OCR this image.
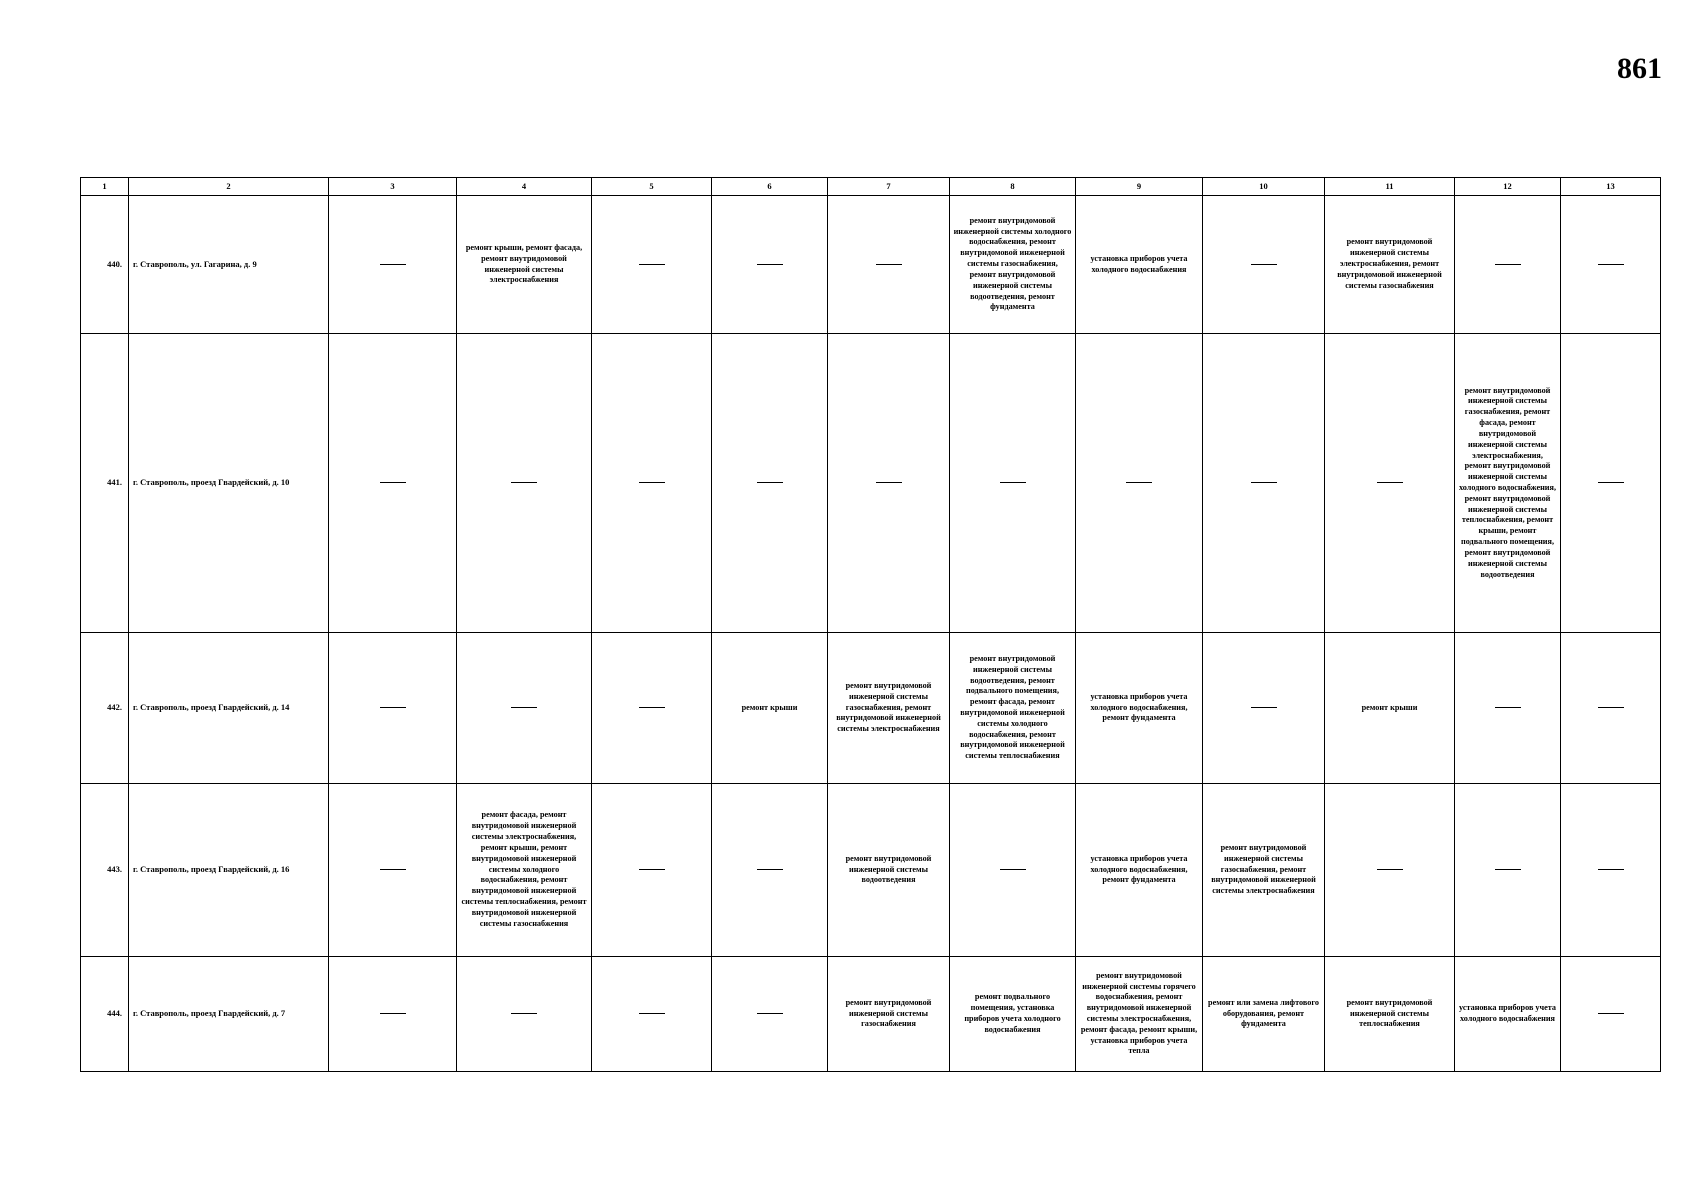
861
1	2	3	4	5	6	7	8	9	10	11	12	13
440.	г. Ставрополь, ул. Гагарина, д. 9		ремонт крыши, ремонт фасада, ремонт внутридомовой инженерной системы электроснабжения				ремонт внутридомовой инженерной системы холодного водоснабжения, ремонт внутридомовой инженерной системы газоснабжения, ремонт внутридомовой инженерной системы водоотведения, ремонт фундамента	установка приборов учета холодного водоснабжения		ремонт внутридомовой инженерной системы электроснабжения, ремонт внутридомовой инженерной системы газоснабжения		
441.	г. Ставрополь, проезд Гвардейский, д. 10										ремонт внутридомовой инженерной системы газоснабжения, ремонт фасада, ремонт внутридомовой инженерной системы электроснабжения, ремонт внутридомовой инженерной системы холодного водоснабжения, ремонт внутридомовой инженерной системы теплоснабжения, ремонт крыши, ремонт подвального помещения, ремонт внутридомовой инженерной системы водоотведения	
442.	г. Ставрополь, проезд Гвардейский, д. 14				ремонт крыши	ремонт внутридомовой инженерной системы газоснабжения, ремонт внутридомовой инженерной системы электроснабжения	ремонт внутридомовой инженерной системы водоотведения, ремонт подвального помещения, ремонт фасада, ремонт внутридомовой инженерной системы холодного водоснабжения, ремонт внутридомовой инженерной системы теплоснабжения	установка приборов учета холодного водоснабжения, ремонт фундамента		ремонт крыши		
443.	г. Ставрополь, проезд Гвардейский, д. 16		ремонт фасада, ремонт внутридомовой инженерной системы электроснабжения, ремонт крыши, ремонт внутридомовой инженерной системы холодного водоснабжения, ремонт внутридомовой инженерной системы теплоснабжения, ремонт внутридомовой инженерной системы газоснабжения			ремонт внутридомовой инженерной системы водоотведения		установка приборов учета холодного водоснабжения, ремонт фундамента	ремонт внутридомовой инженерной системы газоснабжения, ремонт внутридомовой инженерной системы электроснабжения			
444.	г. Ставрополь, проезд Гвардейский, д. 7					ремонт внутридомовой инженерной системы газоснабжения	ремонт подвального помещения, установка приборов учета холодного водоснабжения	ремонт внутридомовой инженерной системы горячего водоснабжения, ремонт внутридомовой инженерной системы электроснабжения, ремонт фасада, ремонт крыши, установка приборов учета тепла	ремонт или замена лифтового оборудования, ремонт фундамента	ремонт внутридомовой инженерной системы теплоснабжения	установка приборов учета холодного водоснабжения	
